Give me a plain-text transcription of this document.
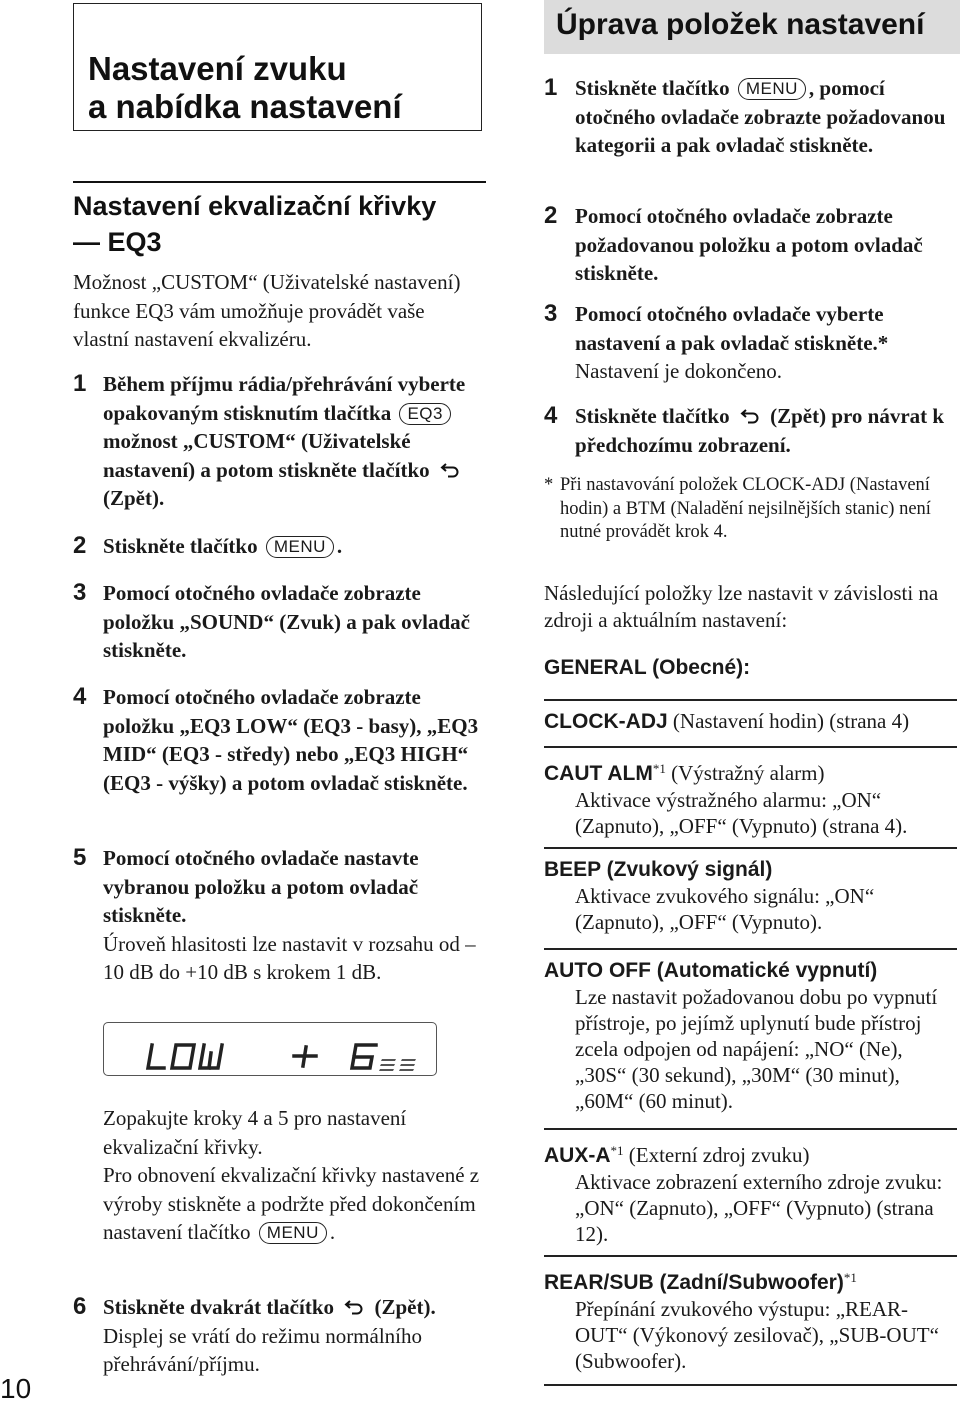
Nastavení zvuku
a nabídka nastavení
Nastavení ekvalizační křivky
— EQ3
Možnost „CUSTOM“ (Uživatelské nastavení) funkce EQ3 vám umožňuje provádět vaše vlastní nastavení ekvalizéru.
1 Během příjmu rádia/přehrávání vyberte opakovaným stisknutím tlačítka EQ3 možnost „CUSTOM“ (Uživatelské nastavení) a potom stiskněte tlačítko  (Zpět).
2 Stiskněte tlačítko MENU .
3 Pomocí otočného ovladače zobrazte položku „SOUND“ (Zvuk) a pak ovladač stiskněte.
4 Pomocí otočného ovladače zobrazte položku „EQ3 LOW“ (EQ3 - basy), „EQ3 MID“ (EQ3 - středy) nebo „EQ3 HIGH“ (EQ3 - výšky) a potom ovladač stiskněte.
5 Pomocí otočného ovladače nastavte vybranou položku a potom ovladač stiskněte.
Úroveň hlasitosti lze nastavit v rozsahu od –10 dB do +10 dB s krokem 1 dB.
Zopakujte kroky 4 a 5 pro nastavení ekvalizační křivky.
Pro obnovení ekvalizační křivky nastavené z výroby stiskněte a podržte před dokončením nastavení tlačítko MENU .
6 Stiskněte dvakrát tlačítko (Zpět).
Displej se vrátí do režimu normálního přehrávání/příjmu.
10
Úprava položek nastavení
1 Stiskněte tlačítko MENU , pomocí otočného ovladače zobrazte požadovanou kategorii a pak ovladač stiskněte.
2 Pomocí otočného ovladače zobrazte požadovanou položku a potom ovladač stiskněte.
3 Pomocí otočného ovladače vyberte nastavení a pak ovladač stiskněte.*
Nastavení je dokončeno.
4 Stiskněte tlačítko (Zpět) pro návrat k předchozímu zobrazení.
* Při nastavování položek CLOCK-ADJ (Nastavení hodin) a BTM (Naladění nejsilnějších stanic) není nutné provádět krok 4.
Následující položky lze nastavit v závislosti na zdroji a aktuálním nastavení:
GENERAL (Obecné):
CLOCK-ADJ (Nastavení hodin) (strana 4)
CAUT ALM$^{*1}$ (Výstražný alarm)
Aktivace výstražného alarmu: „ON“ (Zapnuto), „OFF“ (Vypnuto) (strana 4).
BEEP (Zvukový signál)
Aktivace zvukového signálu: „ON“ (Zapnuto), „OFF“ (Vypnuto).
AUTO OFF (Automatické vypnutí)
Lze nastavit požadovanou dobu po vypnutí přístroje, po jejímž uplynutí bude přístroj zcela odpojen od napájení: „NO“ (Ne), „30S“ (30 sekund), „30M“ (30 minut), „60M“ (60 minut).
AUX-$A^{*1}$ (Externí zdroj zvuku)
Aktivace zobrazení externího zdroje zvuku: „ON“ (Zapnuto), „OFF“ (Vypnuto) (strana 12).
REAR/SUB (Zadní/Subwoofer)$^{*1}$
Přepínání zvukového výstupu: „REAR-OUT“ (Výkonový zesilovač), „SUB-OUT“ (Subwoofer).
